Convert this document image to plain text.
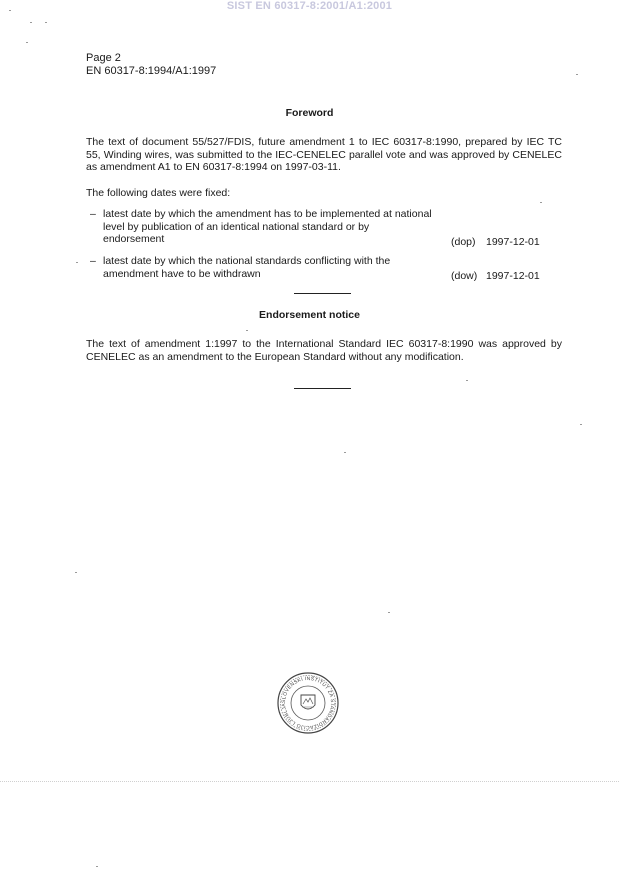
SIST EN 60317-8:2001/A1:2001
Page 2
EN 60317-8:1994/A1:1997
Foreword
The text of document 55/527/FDIS, future amendment 1 to IEC 60317-8:1990, prepared by IEC TC 55, Winding wires, was submitted to the IEC-CENELEC parallel vote and was approved by CENELEC as amendment A1 to EN 60317-8:1994 on 1997-03-11.
The following dates were fixed:
– latest date by which the amendment has to be implemented at national level by publication of an identical national standard or by endorsement	(dop) 1997-12-01
– latest date by which the national standards conflicting with the amendment have to be withdrawn	(dow) 1997-12-01
Endorsement notice
The text of amendment 1:1997 to the International Standard IEC 60317-8:1990 was approved by CENELEC as an amendment to the European Standard without any modification.
SLOVENSKI INŠTITUT ZA STANDARDIZACIJO LJUBLJA
